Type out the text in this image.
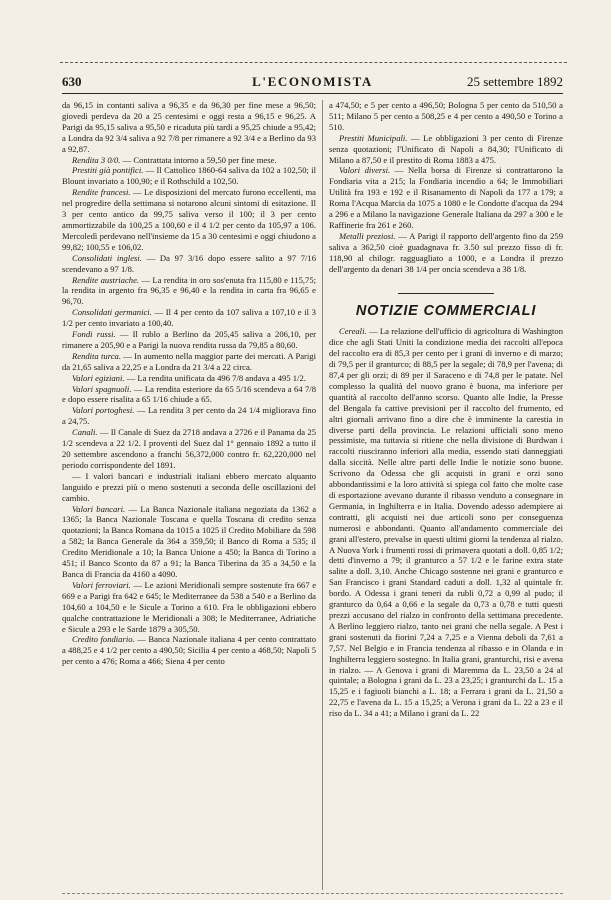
630	L'ECONOMISTA	25 settembre 1892

da 96,15 in contanti saliva a 96,35 e da 96,30 per fine mese a 96,50; giovedì perdeva da 20 a 25 centesimi e oggi resta a 96,15 e 96,25. A Parigi da 95,15 saliva a 95,50 e ricaduta più tardi a 95,25 chiude a 95,42; a Londra da 92 3/4 saliva a 92 7/8 per rimanere a 92 3/4 e a Berlino da 93 a 92,87.

Rendita 3 0/0. — Contrattata intorno a 59,50 per fine mese.

Prestiti già pontifici. — Il Cattolico 1860-64 saliva da 102 a 102,50; il Blount invariato a 100,90; e il Rothschild a 102,50.

Rendite francesi. — Le disposizioni del mercato furono eccellenti, ma nel progredire della settimana si notarono alcuni sintomi di esitazione. Il 3 per cento antico da 99,75 saliva verso il 100; il 3 per cento ammortizzabile da 100,25 a 100,60 e il 4 1/2 per cento da 105,97 a 106. Mercoledì perdevano nell'insieme da 15 a 30 centesimi e oggi chiudono a 99,82; 100,55 e 106,02.

Consolidati inglesi. — Da 97 3/16 dopo essere salito a 97 7/16 scendevano a 97 1/8.

Rendite austriache. — La rendita in oro sos'enuta fra 115,80 e 115,75; la rendita in argento fra 96,35 e 96,40 e la rendita in carta fra 96,65 e 96,70.

Consolidati germanici. — Il 4 per cento da 107 saliva a 107,10 e il 3 1/2 per cento invariato a 100,40.

Fondi russi. — Il rublo a Berlino da 205,45 saliva a 206,10, per rimanere a 205,90 e a Parigi la nuova rendita russa da 79,85 a 80,60.

Rendita turca. — In aumento nella maggior parte dei mercati. A Parigi da 21,65 saliva a 22,25 e a Londra da 21 3/4 a 22 circa.

Valori egiziani. — La rendita unificata da 496 7/8 andava a 495 1/2.

Valori spagnuoli. — La rendita esteriore da 65 5/16 scendeva a 64 7/8 e dopo essere risalita a 65 1/16 chiude a 65.

Valori portoghesi. — La rendita 3 per cento da 24 1/4 migliorava fino a 24,75.

Canali. — Il Canale di Suez da 2718 andava a 2726 e il Panama da 25 1/2 scendeva a 22 1/2. I proventi del Suez dal 1° gennaio 1892 a tutto il 20 settembre ascendono a franchi 56,372,000 contro fr. 62,220,000 nel periodo corrispondente del 1891.

— I valori bancari e industriali italiani ebbero mercato alquanto languido e prezzi più o meno sostenuti a seconda delle oscillazioni del cambio.

Valori bancari. — La Banca Nazionale italiana negoziata da 1362 a 1365; la Banca Nazionale Toscana e quella Toscana di credito senza quotazioni; la Banca Romana da 1015 a 1025 il Credito Mobiliare da 598 a 582; la Banca Generale da 364 a 359,50; il Banco di Roma a 535; il Credito Meridionale a 10; la Banca Unione a 450; la Banca di Torino a 451; il Banco Sconto da 87 a 91; la Banca Tiberina da 35 a 34,50 e la Banca di Francia da 4160 a 4090.

Valori ferroviari. — Le azioni Meridionali sempre sostenute fra 667 e 669 e a Parigi fra 642 e 645; le Mediterranee da 538 a 540 e a Berlino da 104,60 a 104,50 e le Sicule a Torino a 610. Fra le obbligazioni ebbero qualche contrattazione le Meridionali a 308; le Mediterranee, Adriatiche e Sicule a 293 e le Sarde 1879 a 305,50.

Credito fondiario. — Banca Nazionale italiana 4 per cento contrattato a 488,25 e 4 1/2 per cento a 490,50; Sicilia 4 per cento a 468,50; Napoli 5 per cento a 476; Roma a 466; Siena 4 per cento

a 474,50; e 5 per cento a 496,50; Bologna 5 per cento da 510,50 a 511; Milano 5 per cento a 508,25 e 4 per cento a 490,50 e Torino a 510.

Prestiti Municipali. — Le obbligazioni 3 per cento di Firenze senza quotazioni; l'Unificato di Napoli a 84,30; l'Unificato di Milano a 87,50 e il prestito di Roma 1883 a 475.

Valori diversi. — Nella borsa di Firenze si contrattarono la Fondiaria vita a 215; la Fondiaria incendio a 64; le Immobiliari Utilità fra 193 e 192 e il Risanamento di Napoli da 177 a 179; a Roma l'Acqua Marcia da 1075 a 1080 e le Condotte d'acqua da 294 a 296 e a Milano la navigazione Generale Italiana da 297 a 300 e le Raffinerie fra 261 e 260.

Metalli preziosi. — A Parigi il rapporto dell'argento fino da 259 saliva a 362,50 cioè guadagnava fr. 3.50 sul prezzo fisso di fr. 118,90 al chilogr. ragguagliato a 1000, e a Londra il prezzo dell'argento da denari 38 1/4 per oncia scendeva a 38 1/8.

NOTIZIE COMMERCIALI

Cereali. — La relazione dell'ufficio di agricoltura di Washington dice che agli Stati Uniti la condizione media dei raccolti all'epoca del raccolto era di 85,3 per cento per i grani di inverno e di marzo; di 79,5 per il granturco; di 88,5 per la segale; di 78,9 per l'avena; di 87,4 per gli orzi; di 89 per il Saraceno e di 74,8 per le patate. Nel complesso la qualità del nuovo grano è buona, ma inferiore per quantità al raccolto dell'anno scorso. Quanto alle Indie, la Presse del Bengala fa cattive previsioni per il raccolto del frumento, ed altri giornali arrivano fino a dire che è imminente la carestia in diverse parti della provincia. Le relazioni ufficiali sono meno pessimiste, ma tuttavia si ritiene che nella divisione di Burdwan i raccolti riusciranno inferiori alla media, essendo stati danneggiati dalla siccità. Nelle altre parti delle Indie le notizie sono buone. Scrivono da Odessa che gli acquisti in grani e orzi sono abbondantissimi e la loro attività si spiega col fatto che molte case di esportazione avevano durante il ribasso venduto a consegnare in Germania, in Inghilterra e in Italia. Dovendo adesso adempiere ai contratti, gli acquisti nei due articoli sono per conseguenza numerosi e abbondanti. Quanto all'andamento commerciale dei grani all'estero, prevalse in questi ultimi giorni la tendenza al rialzo. A Nuova York i frumenti rossi di primavera quotati a doll. 0,85 1/2; detti d'inverno a 79; il granturco a 57 1/2 e le farine extra state salite a doll. 3,10. Anche Chicago sostenne nei grani e granturco e San Francisco i grani Standard caduti a doll. 1,32 al quintale fr. bordo. A Odessa i grani teneri da rubli 0,72 a 0,99 al pudo; il granturco da 0,64 a 0,66 e la segale da 0,73 a 0,78 e tutti questi prezzi accusano del rialzo in confronto della settimana precedente. A Berlino leggiero rialzo, tanto nei grani che nella segale. A Pest i grani sostenuti da fiorini 7,24 a 7,25 e a Vienna deboli da 7,61 a 7,57. Nel Belgio e in Francia tendenza al ribasso e in Olanda e in Inghilterra leggiero sostegno. In Italia grani, granturchi, risi e avena in rialzo. — A Genova i grani di Maremma da L. 23,50 a 24 al quintale; a Bologna i grani da L. 23 a 23,25; i granturchi da L. 15 a 15,25 e i fagiuoli bianchi a L. 18; a Ferrara i grani da L. 21,50 a 22,75 e l'avena da L. 15 a 15,25; a Verona i grani da L. 22 a 23 e il riso da L. 34 a 41; a Milano i grani da L. 22
